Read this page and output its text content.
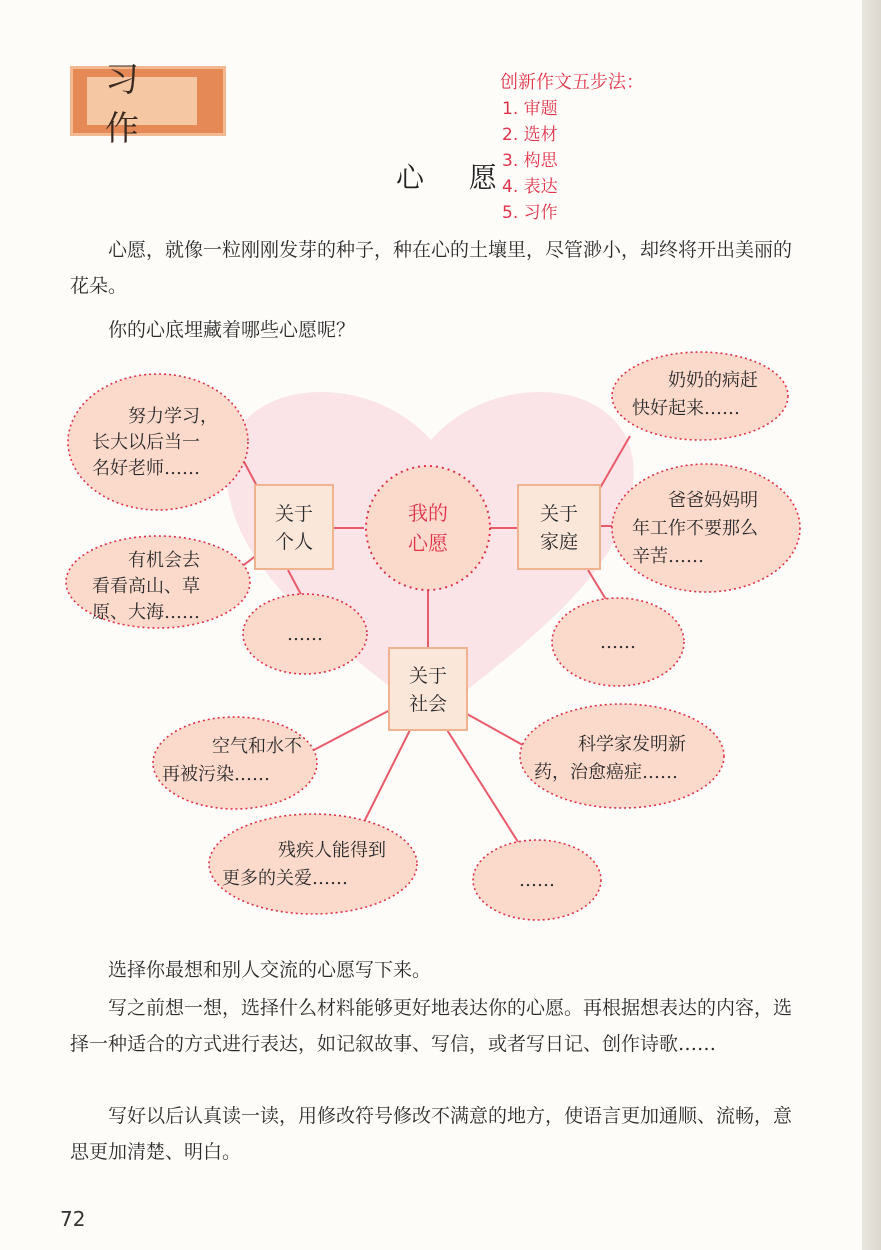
习作
创新作文五步法：
1. 审题
2. 选材
3. 构思
4. 表达
5. 习作
心 愿
心愿，就像一粒刚刚发芽的种子，种在心的土壤里，尽管渺小，却终将开出美丽的花朵。
你的心底埋藏着哪些心愿呢？
我的
心愿
关于
个人
关于
家庭
关于
社会
努力学习，
长大以后当一
名好老师……
有机会去
看看高山、草
原、大海……
……
奶奶的病赶
快好起来……
爸爸妈妈明
年工作不要那么
辛苦……
……
空气和水不
再被污染……
科学家发明新
药，治愈癌症……
残疾人能得到
更多的关爱……	……
选择你最想和别人交流的心愿写下来。
写之前想一想，选择什么材料能够更好地表达你的心愿。再根据想表达的内容，选择一种适合的方式进行表达，如记叙故事、写信，或者写日记、创作诗歌……
写好以后认真读一读，用修改符号修改不满意的地方，使语言更加通顺、流畅，意思更加清楚、明白。
72
